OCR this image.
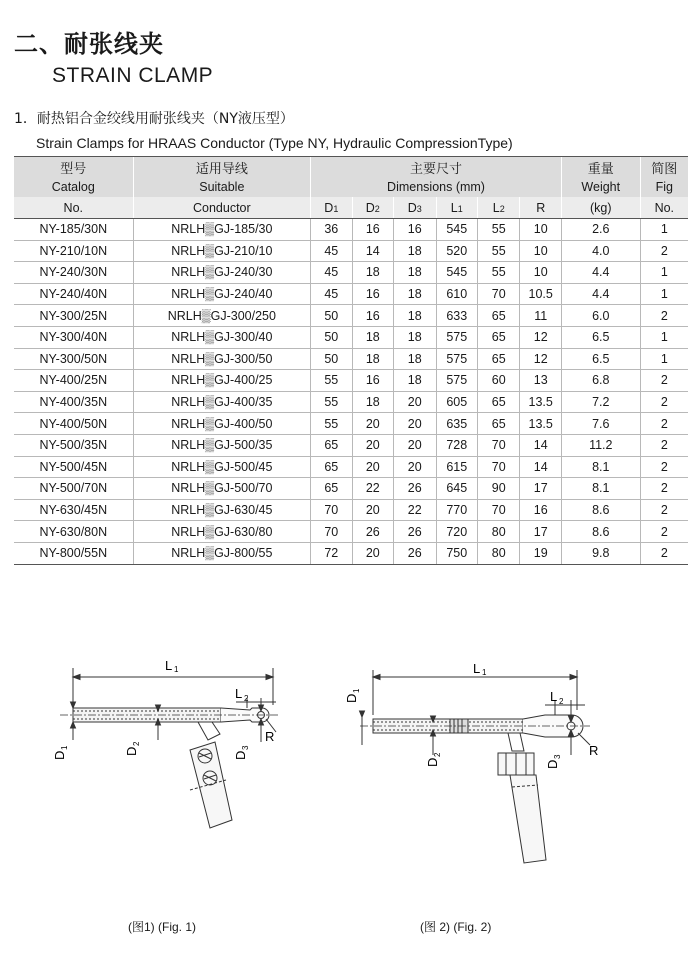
二、耐张线夹
STRAIN CLAMP
1．耐热铝合金绞线用耐张线夹（NY液压型）
Strain Clamps for HRAAS Conductor (Type NY, Hydraulic CompressionType)
型号	适用导线	主要尺寸						重量	简图
Catalog	Suitable	Dimensions (mm)						Weight	Fig
No.	Conductor	D1	D2	D3	L1	L2	R	(kg)	No.
NY-185/30N	NRLH▒GJ-185/30	36	16	16	545	55	10	2.6	1
NY-210/10N	NRLH▒GJ-210/10	45	14	18	520	55	10	4.0	2
NY-240/30N	NRLH▒GJ-240/30	45	18	18	545	55	10	4.4	1
NY-240/40N	NRLH▒GJ-240/40	45	16	18	610	70	10.5	4.4	1
NY-300/25N	NRLH▒GJ-300/250	50	16	18	633	65	11	6.0	2
NY-300/40N	NRLH▒GJ-300/40	50	18	18	575	65	12	6.5	1
NY-300/50N	NRLH▒GJ-300/50	50	18	18	575	65	12	6.5	1
NY-400/25N	NRLH▒GJ-400/25	55	16	18	575	60	13	6.8	2
NY-400/35N	NRLH▒GJ-400/35	55	18	20	605	65	13.5	7.2	2
NY-400/50N	NRLH▒GJ-400/50	55	20	20	635	65	13.5	7.6	2
NY-500/35N	NRLH▒GJ-500/35	65	20	20	728	70	14	11.2	2
NY-500/45N	NRLH▒GJ-500/45	65	20	20	615	70	14	8.1	2
NY-500/70N	NRLH▒GJ-500/70	65	22	26	645	90	17	8.1	2
NY-630/45N	NRLH▒GJ-630/45	70	20	22	770	70	16	8.6	2
NY-630/80N	NRLH▒GJ-630/80	70	26	26	720	80	17	8.6	2
NY-800/55N	NRLH▒GJ-800/55	72	20	26	750	80	19	9.8	2
L 1
L 2
R
D
1	D
2
D
3
L 1
L 2
R
D
1
D
2
D
3
(图1) (Fig. 1)	(图 2) (Fig. 2)
